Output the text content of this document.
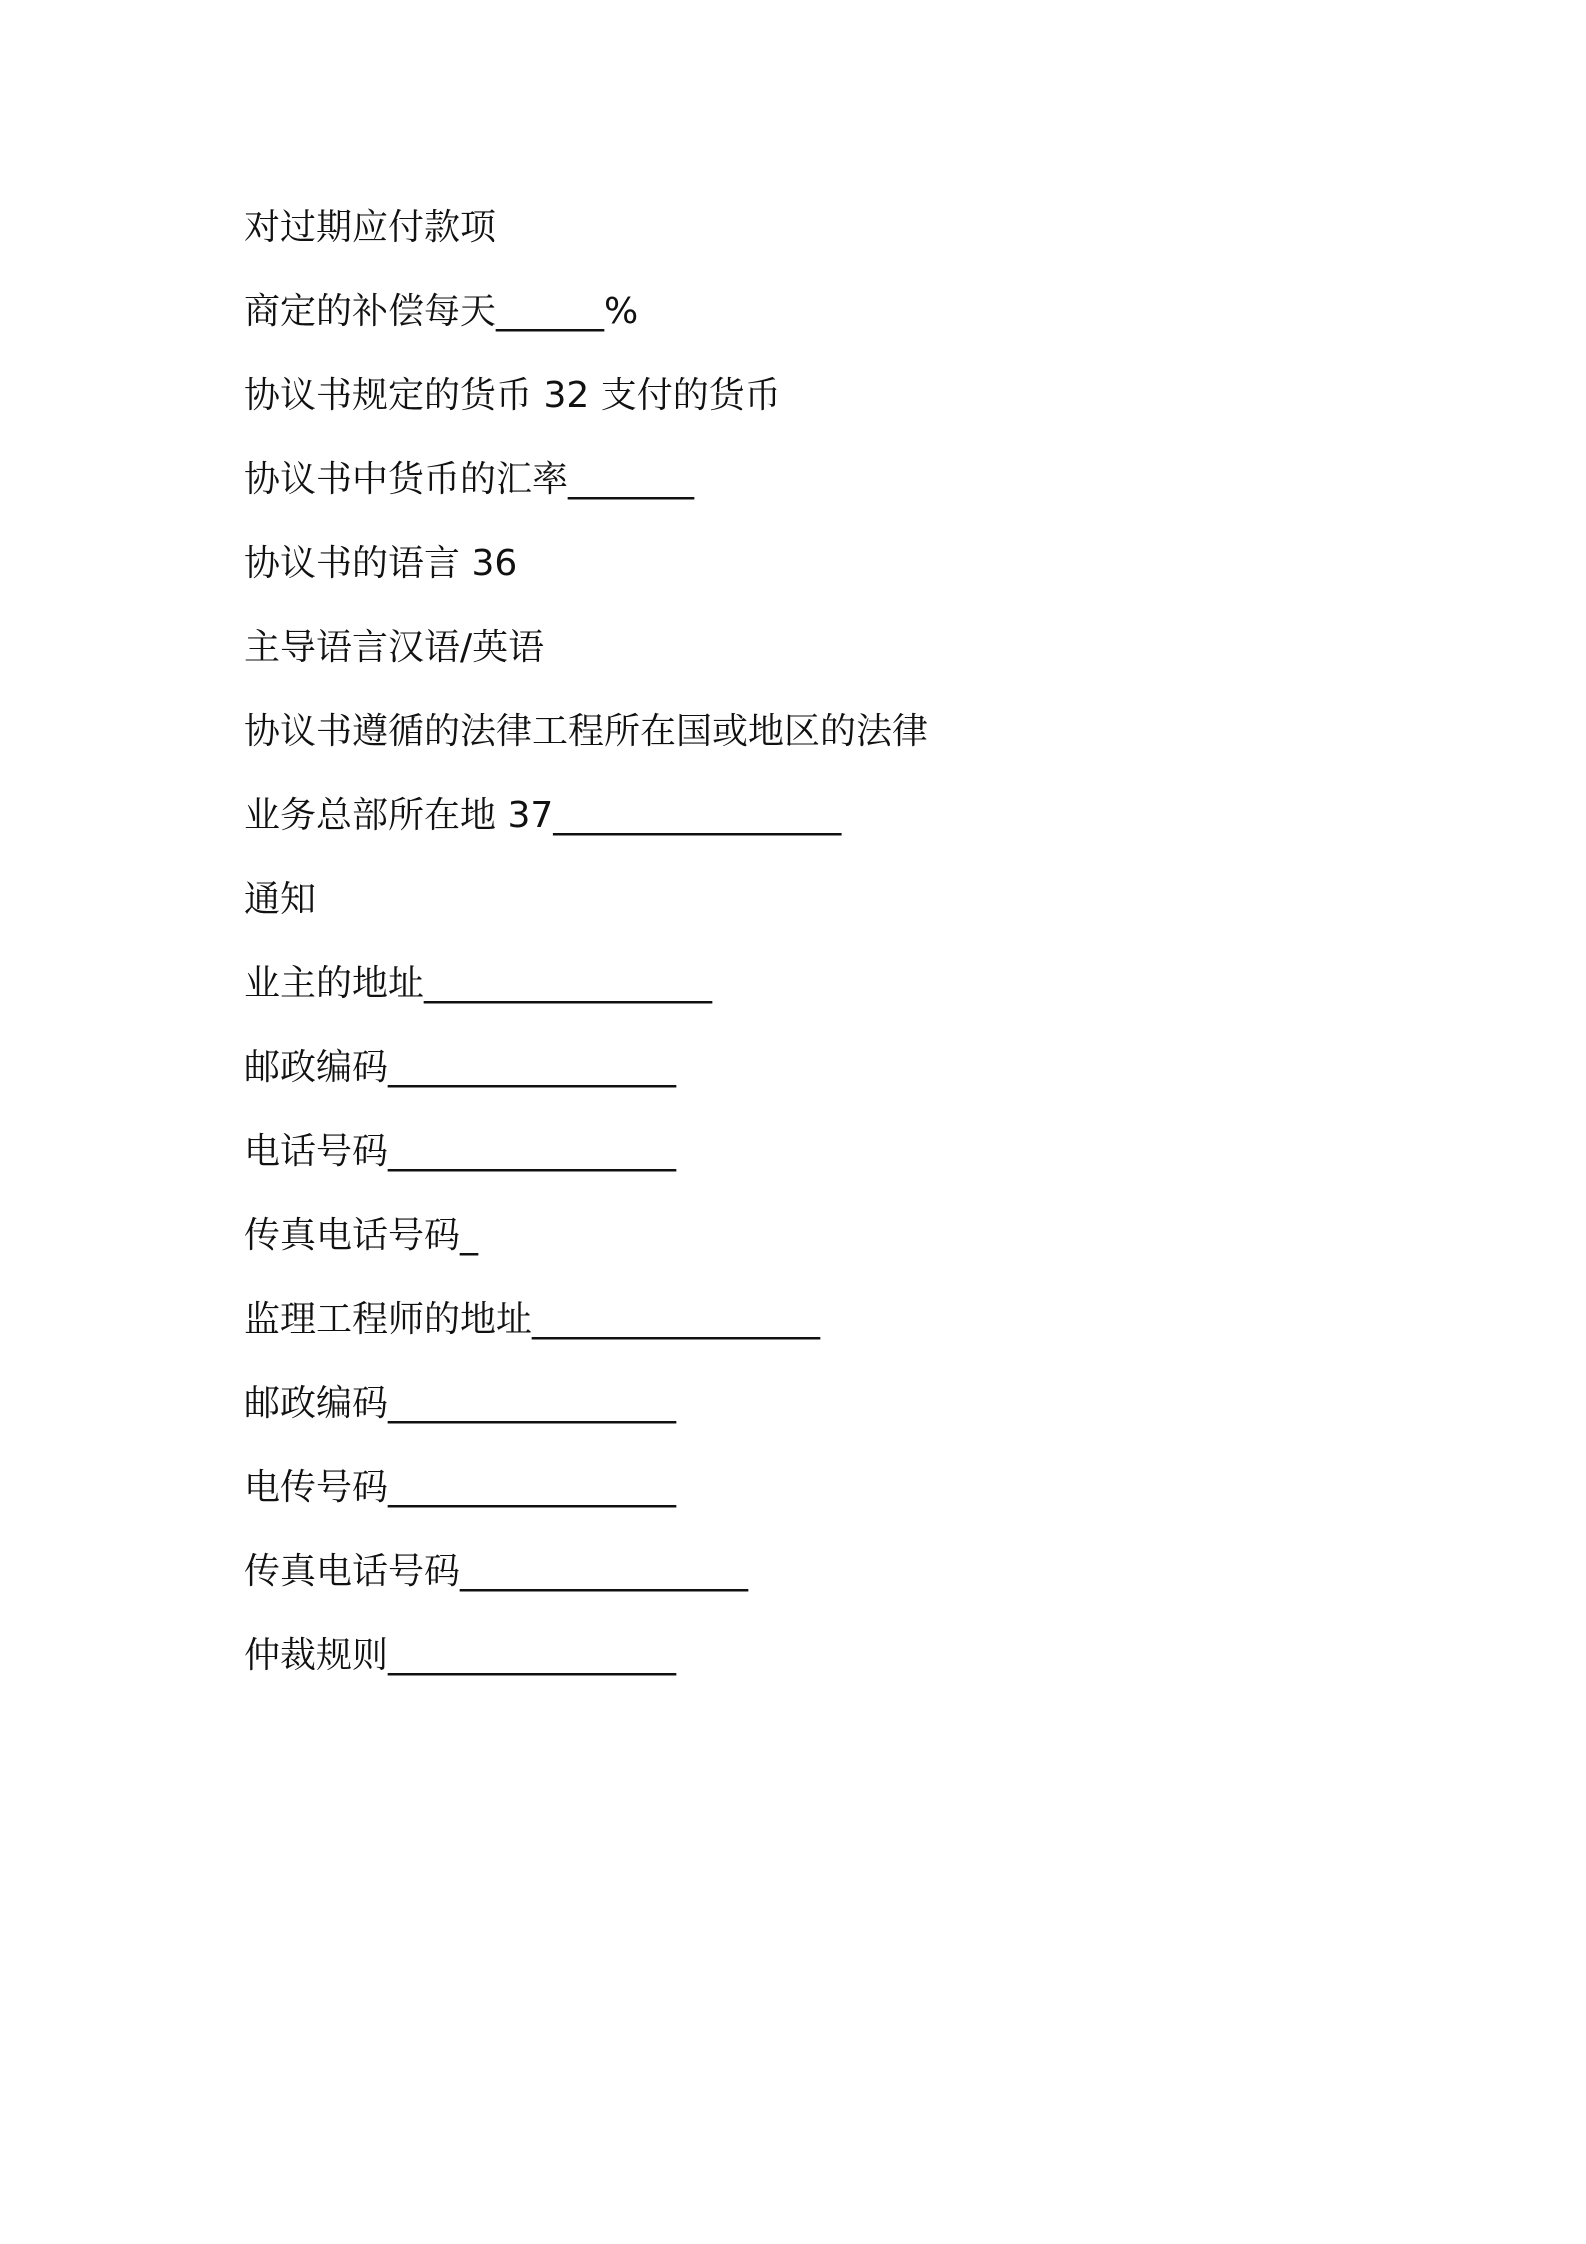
对过期应付款项
商定的补偿每天______%
协议书规定的货币 32 支付的货币
协议书中货币的汇率_______
协议书的语言 36
主导语言汉语/英语
协议书遵循的法律工程所在国或地区的法律
业务总部所在地 37________________
通知
业主的地址________________
邮政编码________________
电话号码________________
传真电话号码_
监理工程师的地址________________
邮政编码________________
电传号码________________
传真电话号码________________
仲裁规则________________
